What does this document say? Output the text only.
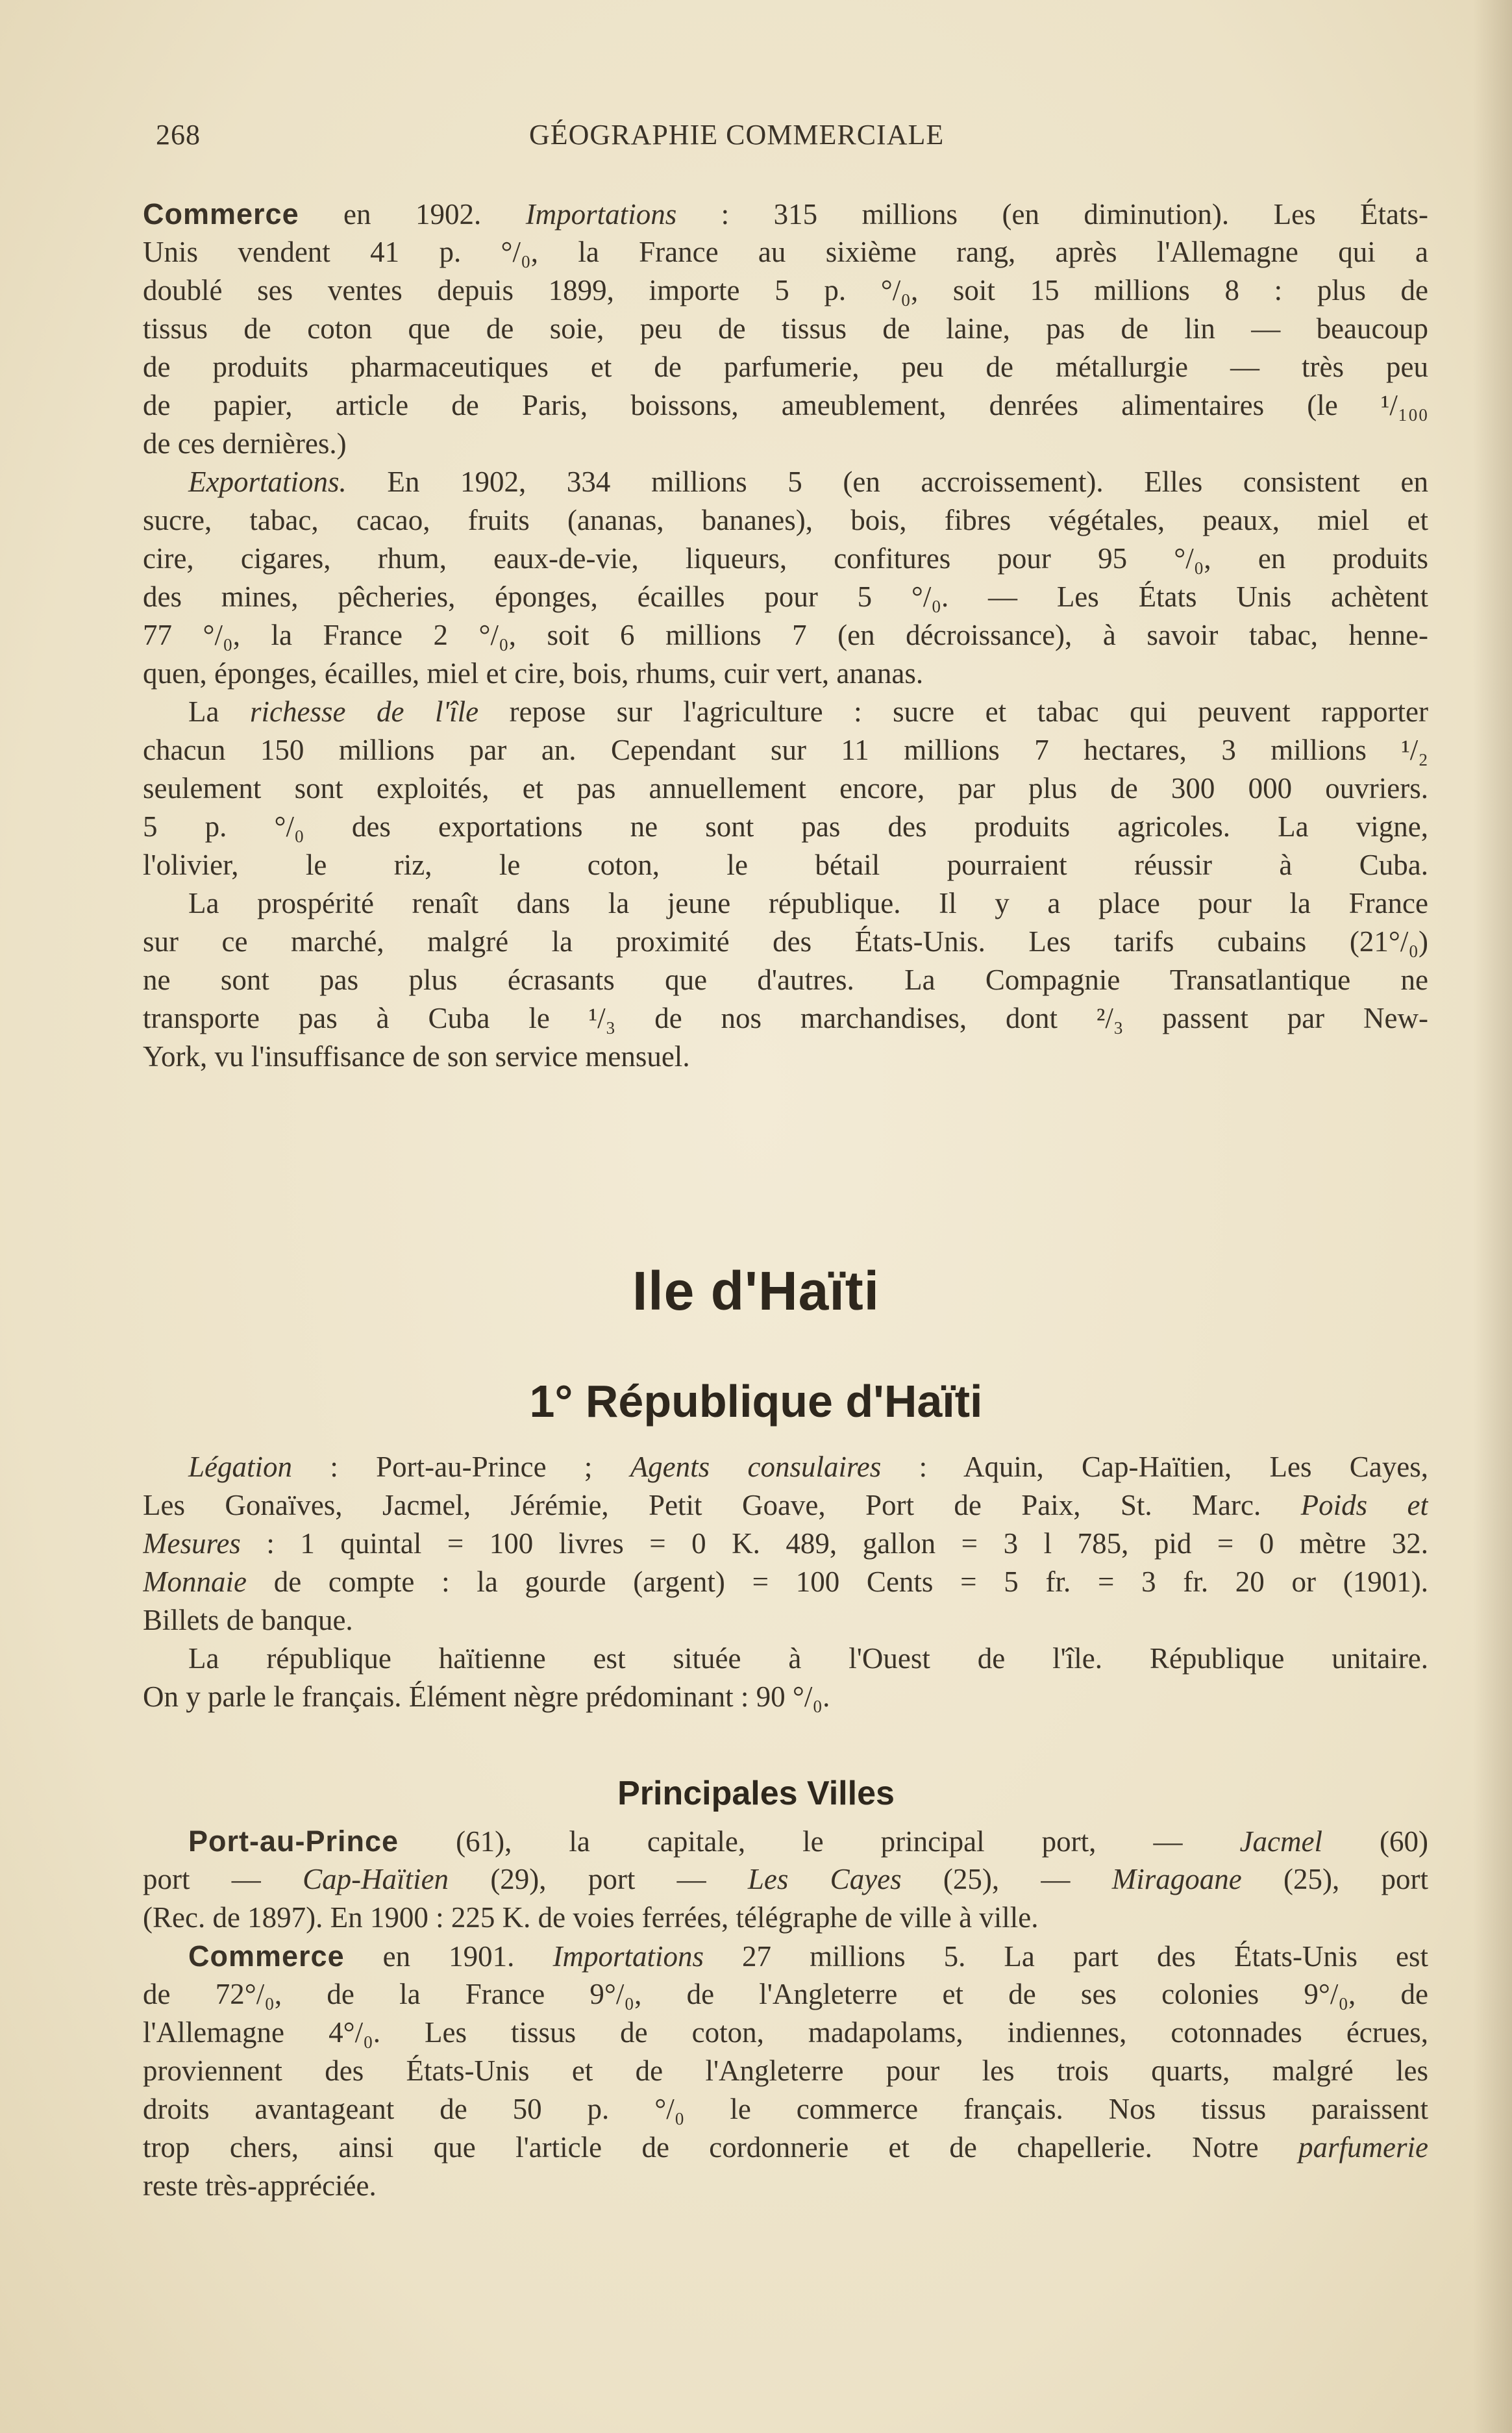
268	GÉOGRAPHIE COMMERCIALE
Commerce en 1902. Importations : 315 millions (en diminution). Les États-
Unis vendent 41 p. °/₀, la France au sixième rang, après l'Allemagne qui a
doublé ses ventes depuis 1899, importe 5 p. °/₀, soit 15 millions 8 : plus de
tissus de coton que de soie, peu de tissus de laine, pas de lin — beaucoup
de produits pharmaceutiques et de parfumerie, peu de métallurgie — très peu
de papier, article de Paris, boissons, ameublement, denrées alimentaires (le ¹/₁₀₀
de ces dernières.)
Exportations. En 1902, 334 millions 5 (en accroissement). Elles consistent en
sucre, tabac, cacao, fruits (ananas, bananes), bois, fibres végétales, peaux, miel et
cire, cigares, rhum, eaux-de-vie, liqueurs, confitures pour 95 °/₀, en produits
des mines, pêcheries, éponges, écailles pour 5 °/₀. — Les États Unis achètent
77 °/₀, la France 2 °/₀, soit 6 millions 7 (en décroissance), à savoir tabac, henne-
quen, éponges, écailles, miel et cire, bois, rhums, cuir vert, ananas.
La richesse de l'île repose sur l'agriculture : sucre et tabac qui peuvent rapporter
chacun 150 millions par an. Cependant sur 11 millions 7 hectares, 3 millions ¹/₂
seulement sont exploités, et pas annuellement encore, par plus de 300 000 ouvriers.
5 p. °/₀ des exportations ne sont pas des produits agricoles. La vigne,
l'olivier, le riz, le coton, le bétail pourraient réussir à Cuba.
La prospérité renaît dans la jeune république. Il y a place pour la France
sur ce marché, malgré la proximité des États-Unis. Les tarifs cubains (21°/₀)
ne sont pas plus écrasants que d'autres. La Compagnie Transatlantique ne
transporte pas à Cuba le ¹/₃ de nos marchandises, dont ²/₃ passent par New-
York, vu l'insuffisance de son service mensuel.
Ile d'Haïti
1° République d'Haïti
Légation : Port-au-Prince ; Agents consulaires : Aquin, Cap-Haïtien, Les Cayes,
Les Gonaïves, Jacmel, Jérémie, Petit Goave, Port de Paix, St. Marc. Poids et
Mesures : 1 quintal = 100 livres = 0 K. 489, gallon = 3 l 785, pid = 0 mètre 32.
Monnaie de compte : la gourde (argent) = 100 Cents = 5 fr. = 3 fr. 20 or (1901).
Billets de banque.
La république haïtienne est située à l'Ouest de l'île. République unitaire.
On y parle le français. Élément nègre prédominant : 90 °/₀.
Principales Villes
Port-au-Prince (61), la capitale, le principal port, — Jacmel (60)
port — Cap-Haïtien (29), port — Les Cayes (25), — Miragoane (25), port
(Rec. de 1897). En 1900 : 225 K. de voies ferrées, télégraphe de ville à ville.
Commerce en 1901. Importations 27 millions 5. La part des États-Unis est
de 72°/₀, de la France 9°/₀, de l'Angleterre et de ses colonies 9°/₀, de
l'Allemagne 4°/₀. Les tissus de coton, madapolams, indiennes, cotonnades écrues,
proviennent des États-Unis et de l'Angleterre pour les trois quarts, malgré les
droits avantageant de 50 p. °/₀ le commerce français. Nos tissus paraissent
trop chers, ainsi que l'article de cordonnerie et de chapellerie. Notre parfumerie
reste très-appréciée.
